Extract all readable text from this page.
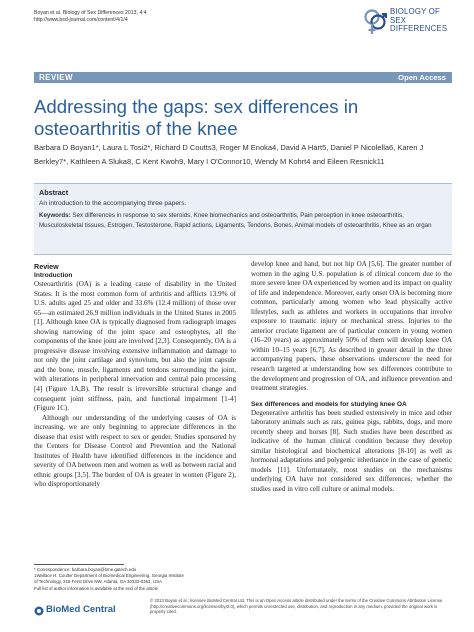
Boyan et al. Biology of Sex Differences 2013, 4:4
http://www.bsd-journal.com/content/4/1/4
BIOLOGY OF
SEX
DIFFERENCES
REVIEW	Open Access
Addressing the gaps: sex differences in osteoarthritis of the knee
Barbara D Boyan1*, Laura L Tosi2*, Richard D Coutts3, Roger M Enoka4, David A Hart5, Daniel P Nicolella6, Karen J Berkley7*, Kathleen A Sluka8, C Kent Kwoh9, Mary I O'Connor10, Wendy M Kohrt4 and Eileen Resnick11
Abstract
An introduction to the accompanying three papers.
Keywords: Sex differences in response to sex steroids, Knee biomechanics and osteoarthritis, Pain perception in knee osteoarthritis, Musculoskeletal tissues, Estrogen, Testosterone, Rapid actions, Ligaments, Tendons, Bones, Animal models of osteoarthritis, Knee as an organ
Review
Introduction

Osteoarthritis (OA) is a leading cause of disability in the United States. It is the most common form of arthritis and afflicts 13.9% of U.S. adults aged 25 and older and 33.6% (12.4 million) of those over 65—an estimated 26.9 million individuals in the United States in 2005 [1]. Although knee OA is typically diagnosed from radiograph images showing narrowing of the joint space and osteophytes, all the components of the knee joint are involved [2,3]. Consequently, OA is a progressive disease involving extensive inflammation and damage to not only the joint cartilage and synovium, but also the joint capsule and the bone, muscle, ligaments and tendons surrounding the joint, with alterations in peripheral innervation and central pain processing [4] (Figure 1A,B). The result is irreversible structural change and consequent joint stiffness, pain, and functional impairment [1-4] (Figure 1C).

Although our understanding of the underlying causes of OA is increasing, we are only beginning to appreciate differences in the disease that exist with respect to sex or gender. Studies sponsored by the Centers for Disease Control and Prevention and the National Institutes of Health have identified differences in the incidence and severity of OA between men and women as well as between racial and ethnic groups [3,5]. The burden of OA is greater in women (Figure 2), who disproportionately

develop knee and hand, but not hip OA [5,6]. The greater number of women in the aging U.S. population is of clinical concern due to the more severe knee OA experienced by women and its impact on quality of life and independence. Moreover, early onset OA is becoming more common, particularly among women who lead physically active lifestyles, such as athletes and workers in occupations that involve exposure to traumatic injury or mechanical stress. Injuries to the anterior cruciate ligament are of particular concern in young women (16–20 years) as approximately 50% of them will develop knee OA within 10–15 years [6,7]. As described in greater detail in the three accompanying papers, these observations underscore the need for research targeted at understanding how sex differences contribute to the development and progression of OA, and influence prevention and treatment strategies.

Sex differences and models for studying knee OA

Degenerative arthritis has been studied extensively in mice and other laboratory animals such as rats, guinea pigs, rabbits, dogs, and more recently sheep and horses [8]. Such studies have been described as indicative of the human clinical condition because they develop similar histological and biochemical alterations [8-10] as well as hormonal adaptations and polygenic inheritance in the case of genetic models [11]. Unfortunately, most studies on the mechanisms underlying OA have not considered sex differences, whether the studies used in vitro cell culture or animal models.

* Correspondence: barbara.boyan@bme.gatech.edu
1Wallace H. Coulter Department of Biomedical Engineering, Georgia Institute
of Technology, 315 Ferst Drive NW, Atlanta, GA 30332-0363, USA
Full list of author information is available at the end of the article
BioMed Central
© 2013 Boyan et al.; licensee BioMed Central Ltd. This is an Open Access article distributed under the terms of the Creative Commons Attribution License (http://creativecommons.org/licenses/by/2.0), which permits unrestricted use, distribution, and reproduction in any medium, provided the original work is properly cited.
